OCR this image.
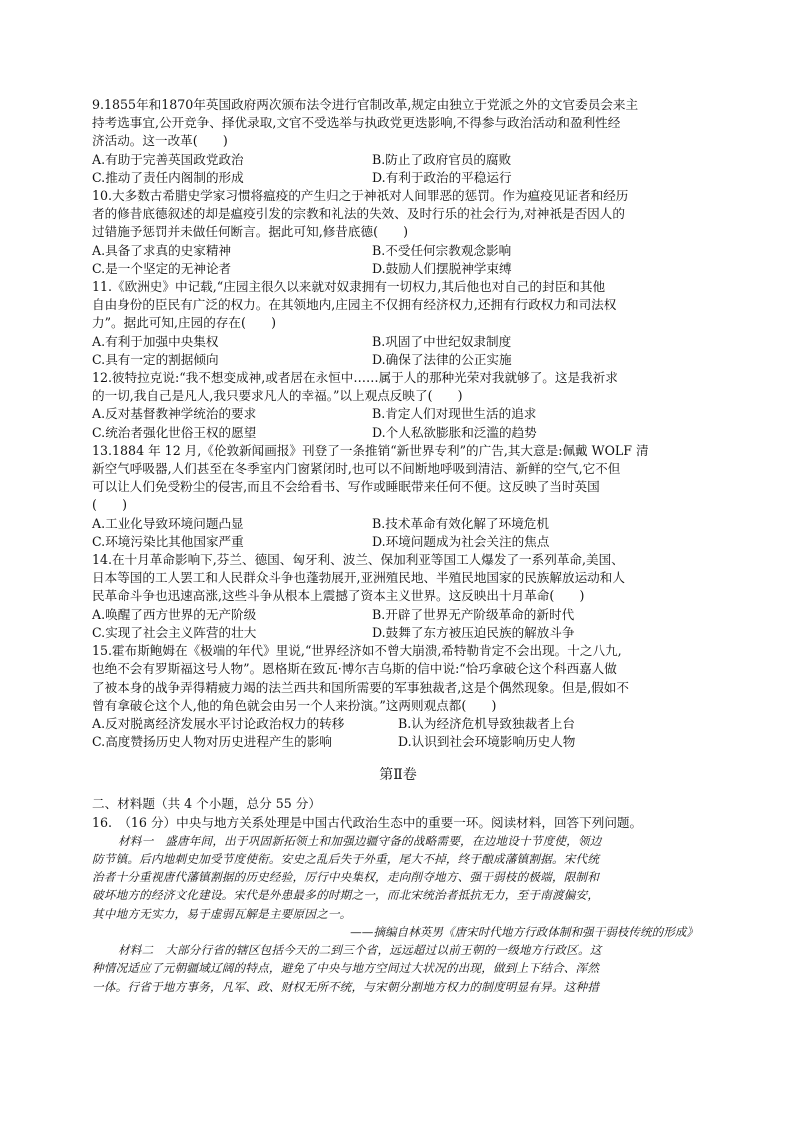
9.1855年和1870年英国政府两次颁布法令进行官制改革,规定由独立于党派之外的文官委员会来主
持考选事宜,公开竞争、择优录取,文官不受选举与执政党更迭影响,不得参与政治活动和盈利性经
济活动。这一改革(　　)
A.有助于完善英国政党政治	B.防止了政府官员的腐败
C.推动了责任内阁制的形成	D.有利于政治的平稳运行
10.大多数古希腊史学家习惯将瘟疫的产生归之于神祇对人间罪恶的惩罚。作为瘟疫见证者和经历
者的修昔底德叙述的却是瘟疫引发的宗教和礼法的失效、及时行乐的社会行为,对神祇是否因人的
过错施予惩罚并未做任何断言。据此可知,修昔底德(　　)
A.具备了求真的史家精神	B.不受任何宗教观念影响
C.是一个坚定的无神论者	D.鼓励人们摆脱神学束缚
11.《欧洲史》中记载,“庄园主很久以来就对奴隶拥有一切权力,其后他也对自己的封臣和其他
自由身份的臣民有广泛的权力。在其领地内,庄园主不仅拥有经济权力,还拥有行政权力和司法权
力”。据此可知,庄园的存在(　　)
A.有利于加强中央集权	B.巩固了中世纪奴隶制度
C.具有一定的割据倾向	D.确保了法律的公正实施
12.彼特拉克说:“我不想变成神,或者居在永恒中……属于人的那种光荣对我就够了。这是我祈求
的一切,我自己是凡人,我只要求凡人的幸福。”以上观点反映了(　　)
A.反对基督教神学统治的要求	B.肯定人们对现世生活的追求
C.统治者强化世俗王权的愿望	D.个人私欲膨胀和泛滥的趋势
13.1884 年 12 月,《伦敦新闻画报》刊登了一条推销“新世界专利”的广告,其大意是:佩戴 WOLF 清
新空气呼吸器,人们甚至在冬季室内门窗紧闭时,也可以不间断地呼吸到清洁、新鲜的空气,它不但
可以让人们免受粉尘的侵害,而且不会给看书、写作或睡眠带来任何不便。这反映了当时英国
(　　)
A.工业化导致环境问题凸显	B.技术革命有效化解了环境危机
C.环境污染比其他国家严重	D.环境问题成为社会关注的焦点
14.在十月革命影响下,芬兰、德国、匈牙利、波兰、保加利亚等国工人爆发了一系列革命,美国、
日本等国的工人罢工和人民群众斗争也蓬勃展开,亚洲殖民地、半殖民地国家的民族解放运动和人
民革命斗争也迅速高涨,这些斗争从根本上震撼了资本主义世界。这反映出十月革命(　　)
A.唤醒了西方世界的无产阶级	B.开辟了世界无产阶级革命的新时代
C.实现了社会主义阵营的壮大	D.鼓舞了东方被压迫民族的解放斗争
15.霍布斯鲍姆在《极端的年代》里说,“世界经济如不曾大崩溃,希特勒肯定不会出现。十之八九,
也绝不会有罗斯福这号人物”。恩格斯在致瓦·博尔吉乌斯的信中说:“恰巧拿破仑这个科西嘉人做
了被本身的战争弄得精疲力竭的法兰西共和国所需要的军事独裁者,这是个偶然现象。但是,假如不
曾有拿破仑这个人,他的角色就会由另一个人来扮演。”这两则观点都(　　)
A.反对脱离经济发展水平讨论政治权力的转移	B.认为经济危机导致独裁者上台
C.高度赞扬历史人物对历史进程产生的影响	D.认识到社会环境影响历史人物
第Ⅱ卷
二、材料题（共 4 个小题，总分 55 分）
16.　（16 分）中央与地方关系处理是中国古代政治生态中的重要一环。阅读材料，回答下列问题。
材料一　盛唐年间，出于巩固新拓领土和加强边疆守备的战略需要，在边地设十节度使，领边
防节镇。后内地刺史加受节度使衔。安史之乱后失于外重，尾大不掉，终于酿成藩镇割据。宋代统
治者十分重视唐代藩镇割据的历史经验，厉行中央集权，走向削夺地方、强干弱枝的极端，限制和
破坏地方的经济文化建设。宋代是外患最多的时期之一，而北宋统治者抵抗无力，至于南渡偏安，
其中地方无实力，易于虚弱瓦解是主要原因之一。
——摘编自林英男《唐宋时代地方行政体制和强干弱枝传统的形成》
材料二　大部分行省的辖区包括今天的二到三个省，远远超过以前王朝的一级地方行政区。这
种情况适应了元朝疆域辽阔的特点，避免了中央与地方空间过大状况的出现，做到上下结合、浑然
一体。行省于地方事务，凡军、政、财权无所不统，与宋朝分割地方权力的制度明显有异。这种措
